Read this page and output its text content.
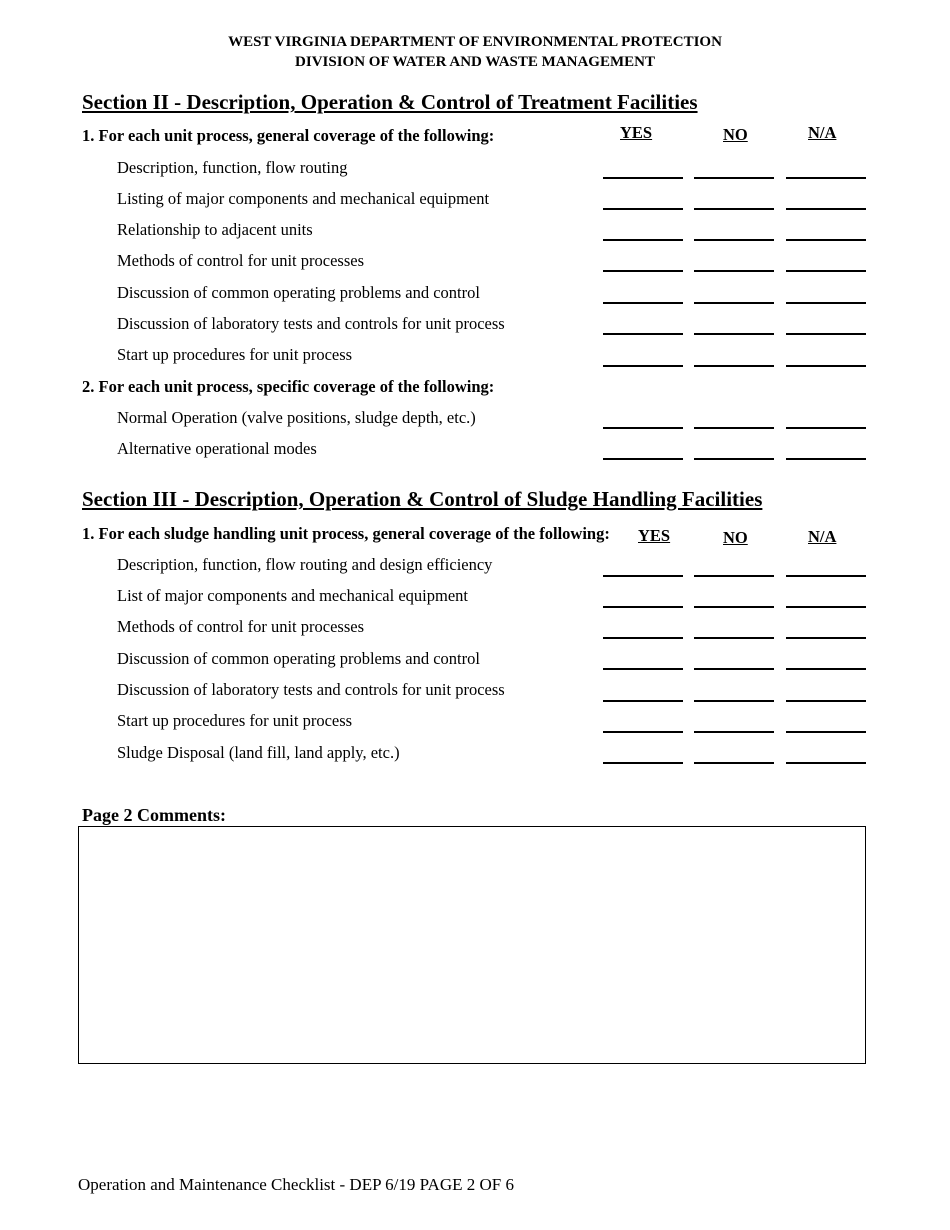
WEST VIRGINIA DEPARTMENT OF ENVIRONMENTAL PROTECTION
DIVISION OF WATER AND WASTE MANAGEMENT
Section II - Description, Operation & Control of Treatment Facilities
1. For each unit process, general coverage of the following:	YES	NO	N/A
Description, function, flow routing
Listing of major components and mechanical equipment
Relationship to adjacent units
Methods of control for unit processes
Discussion of common operating problems and control
Discussion of laboratory tests and controls for unit process
Start up procedures for unit process
2. For each unit process, specific coverage of the following:
Normal Operation (valve positions, sludge depth, etc.)
Alternative operational modes
Section III - Description, Operation & Control of Sludge Handling Facilities
1. For each sludge handling unit process, general coverage of the following: YES	NO	N/A
Description, function, flow routing and design efficiency
List of major components and mechanical equipment
Methods of control for unit processes
Discussion of common operating problems and control
Discussion of laboratory tests and controls for unit process
Start up procedures for unit process
Sludge Disposal (land fill, land apply, etc.)
Page 2 Comments:
Operation and Maintenance Checklist - DEP 6/19 PAGE 2 OF 6
